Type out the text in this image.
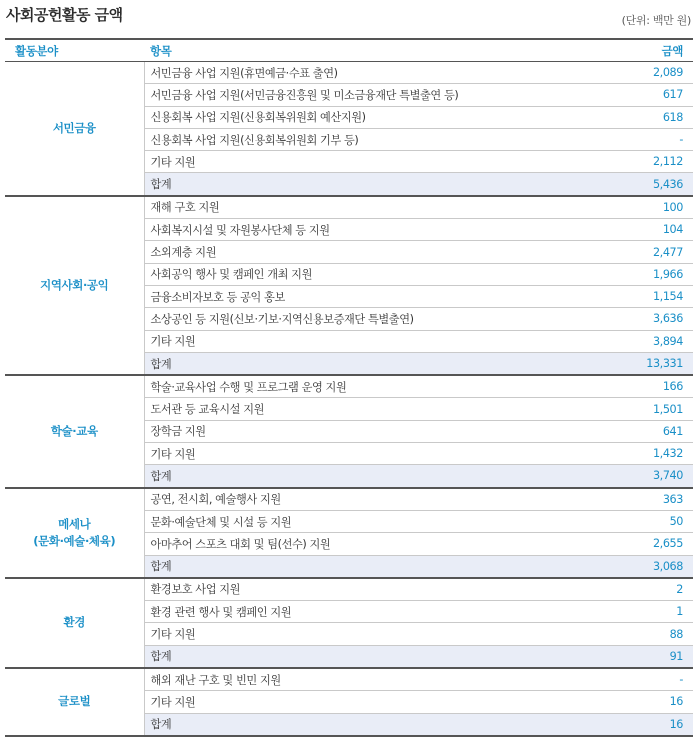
사회공헌활동 금액	(단위: 백만 원)
활동분야	항목	금액
서민금융	서민금융 사업 지원(휴면예금·수표 출연)	2,089
	서민금융 사업 지원(서민금융진흥원 및 미소금융재단 특별출연 등)	617
	신용회복 사업 지원(신용회복위원회 예산지원)	618
	신용회복 사업 지원(신용회복위원회 기부 등)	-
	기타 지원	2,112
	합계	5,436
지역사회·공익	재해 구호 지원	100
	사회복지시설 및 자원봉사단체 등 지원	104
	소외계층 지원	2,477
	사회공익 행사 및 캠페인 개최 지원	1,966
	금융소비자보호 등 공익 홍보	1,154
	소상공인 등 지원(신보·기보·지역신용보증재단 특별출연)	3,636
	기타 지원	3,894
	합계	13,331
학술·교육	학술·교육사업 수행 및 프로그램 운영 지원	166
	도서관 등 교육시설 지원	1,501
	장학금 지원	641
	기타 지원	1,432
	합계	3,740
메세나
(문화·예술·체육)	공연, 전시회, 예술행사 지원	363
	문화·예술단체 및 시설 등 지원	50
	아마추어 스포츠 대회 및 팀(선수) 지원	2,655
	합계	3,068
환경	환경보호 사업 지원	2
	환경 관련 행사 및 캠페인 지원	1
	기타 지원	88
	합계	91
글로벌	해외 재난 구호 및 빈민 지원	-
	기타 지원	16
	합계	16
